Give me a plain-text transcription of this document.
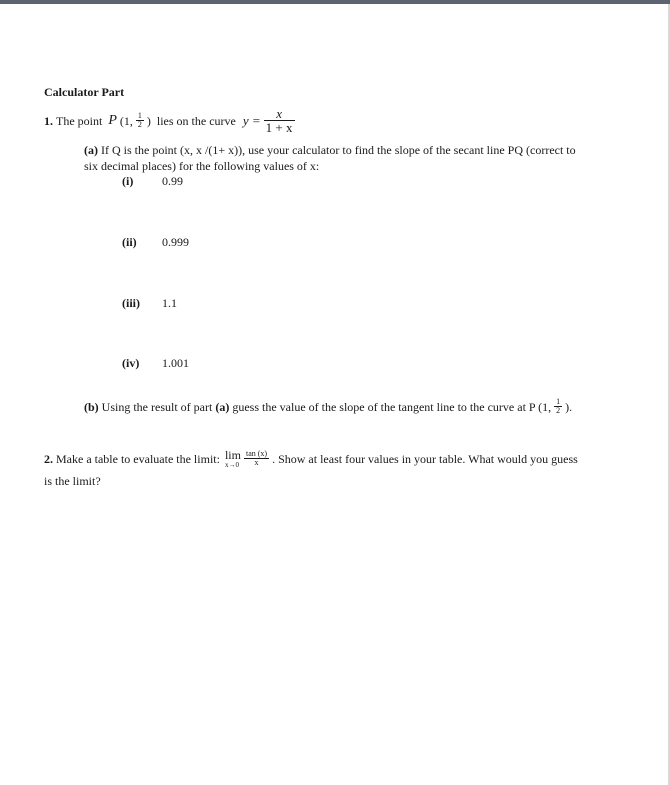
Calculator Part
1. The point P (1, $\frac{1}{2}$ ) lies on the curve $y = \frac{x}{1 + x}$
(a) If Q is the point (x, x /(1+ x)), use your calculator to find the slope of the secant line PQ (correct to
six decimal places) for the following values of x:
(i) 0.99
(ii) 0.999
(iii) 1.1
(iv) 1.001
(b) Using the result of part (a) guess the value of the slope of the tangent line to the curve at P (1, $\frac{1}{2}$ ).
2. Make a table to evaluate the limit: lim
$x\to 0 \frac{\tan (x)}{x}$ . Show at least four values in your table. What would you guess
is the limit?
